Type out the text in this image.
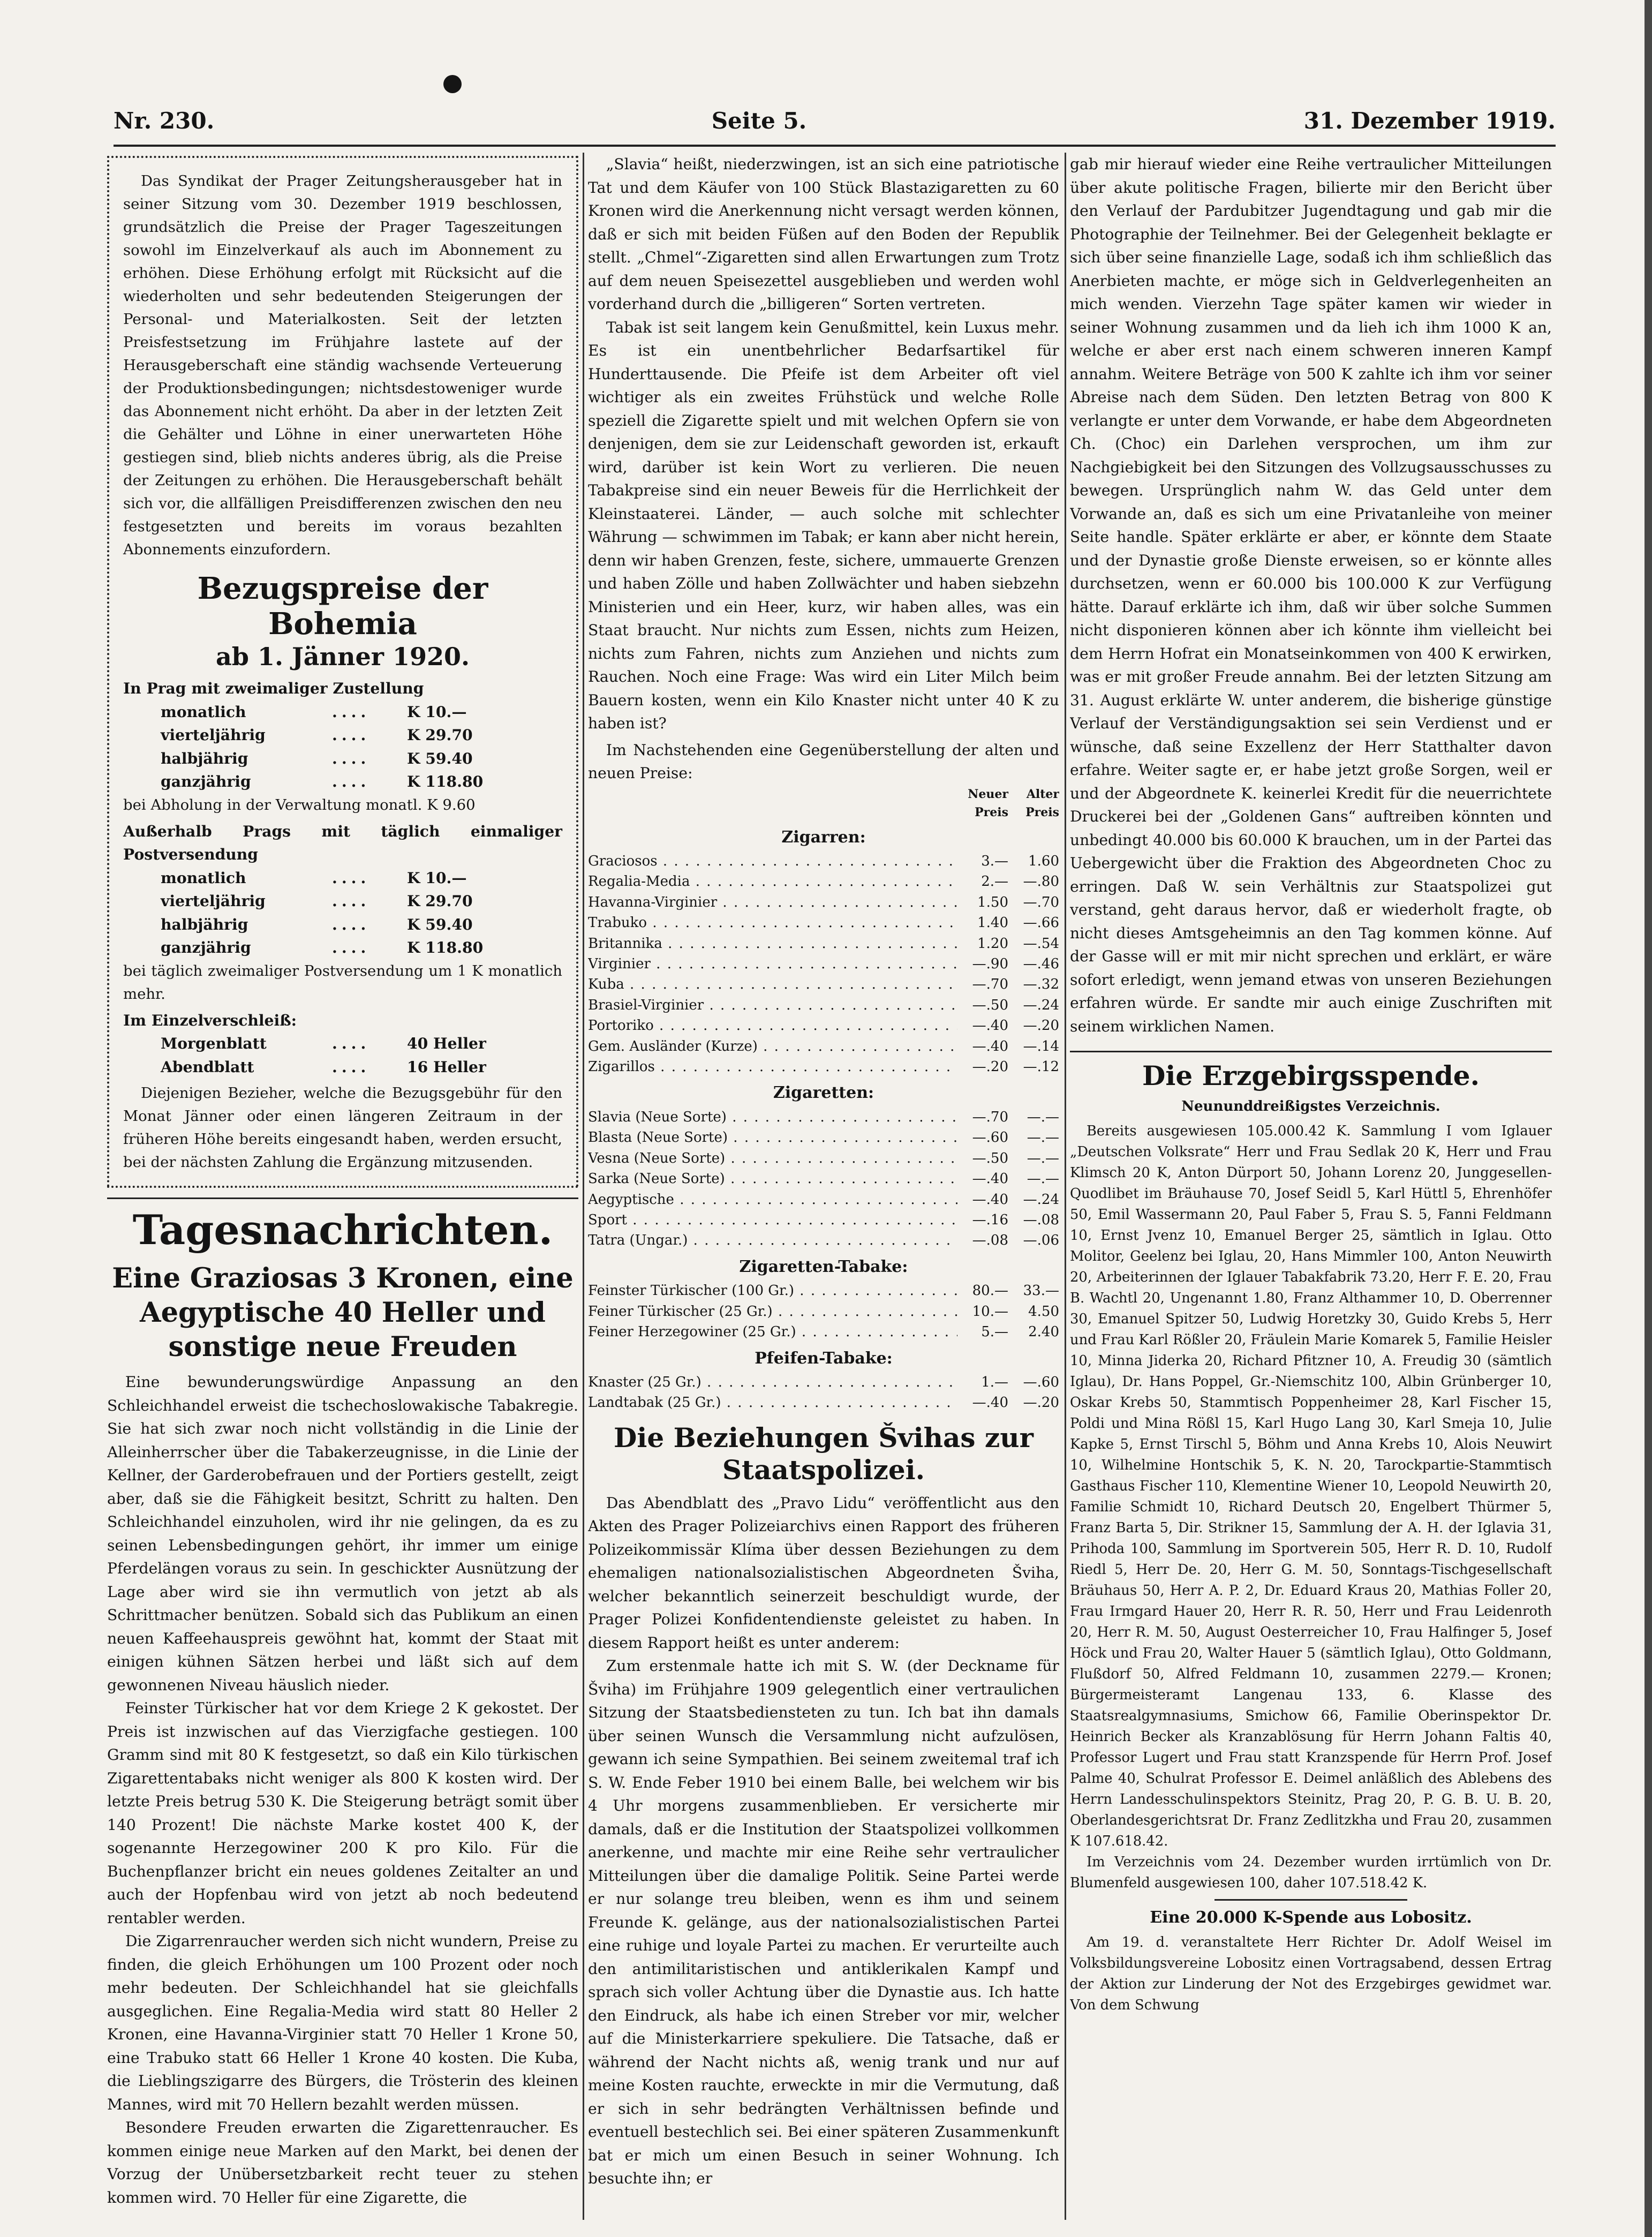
Nr. 230.	Seite 5.	31. Dezember 1919.

Das Syndikat der Prager Zeitungsherausgeber hat in seiner Sitzung vom 30. Dezember 1919 beschlossen, grundsätzlich die Preise der Prager Tageszeitungen sowohl im Einzelverkauf als auch im Abonnement zu erhöhen. Diese Erhöhung erfolgt mit Rücksicht auf die wiederholten und sehr bedeutenden Steigerungen der Personal- und Materialkosten. Seit der letzten Preisfestsetzung im Frühjahre lastete auf der Herausgeberschaft eine ständig wachsende Verteuerung der Produktionsbedingungen; nichtsdestoweniger wurde das Abonnement nicht erhöht. Da aber in der letzten Zeit die Gehälter und Löhne in einer unerwarteten Höhe gestiegen sind, blieb nichts anderes übrig, als die Preise der Zeitungen zu erhöhen. Die Herausgeberschaft behält sich vor, die allfälligen Preisdifferenzen zwischen den neu festgesetzten und bereits im voraus bezahlten Abonnements einzufordern.

Bezugspreise der Bohemia
ab 1. Jänner 1920.
In Prag mit zweimaliger Zustellung
monatlich	....	K 10.—
vierteljährig	....	K 29.70
halbjährig	....	K 59.40
ganzjährig	....	K 118.80

bei Abholung in der Verwaltung monatl. K 9.60

Außerhalb Prags mit täglich einmaliger Postversendung
monatlich	....	K 10.—
vierteljährig	....	K 29.70
halbjährig	....	K 59.40
ganzjährig	....	K 118.80

bei täglich zweimaliger Postversendung um 1 K monatlich mehr.

Im Einzelverschleiß:
Morgenblatt	....	40 Heller
Abendblatt	....	16 Heller

Diejenigen Bezieher, welche die Bezugsgebühr für den Monat Jänner oder einen längeren Zeitraum in der früheren Höhe bereits eingesandt haben, werden ersucht, bei der nächsten Zahlung die Ergänzung mitzusenden.

Tagesnachrichten.
Eine Graziosas 3 Kronen, eine Aegyptische 40 Heller und sonstige neue Freuden

Eine bewunderungswürdige Anpassung an den Schleichhandel erweist die tschechoslowakische Tabakregie. Sie hat sich zwar noch nicht vollständig in die Linie der Alleinherrscher über die Tabakerzeugnisse, in die Linie der Kellner, der Garderobefrauen und der Portiers gestellt, zeigt aber, daß sie die Fähigkeit besitzt, Schritt zu halten. Den Schleichhandel einzuholen, wird ihr nie gelingen, da es zu seinen Lebensbedingungen gehört, ihr immer um einige Pferdelängen voraus zu sein. In geschickter Ausnützung der Lage aber wird sie ihn vermutlich von jetzt ab als Schrittmacher benützen. Sobald sich das Publikum an einen neuen Kaffeehauspreis gewöhnt hat, kommt der Staat mit einigen kühnen Sätzen herbei und läßt sich auf dem gewonnenen Niveau häuslich nieder.

Feinster Türkischer hat vor dem Kriege 2 K gekostet. Der Preis ist inzwischen auf das Vierzigfache gestiegen. 100 Gramm sind mit 80 K festgesetzt, so daß ein Kilo türkischen Zigarettentabaks nicht weniger als 800 K kosten wird. Der letzte Preis betrug 530 K. Die Steigerung beträgt somit über 140 Prozent! Die nächste Marke kostet 400 K, der sogenannte Herzegowiner 200 K pro Kilo. Für die Buchenpflanzer bricht ein neues goldenes Zeitalter an und auch der Hopfenbau wird von jetzt ab noch bedeutend rentabler werden.

Die Zigarrenraucher werden sich nicht wundern, Preise zu finden, die gleich Erhöhungen um 100 Prozent oder noch mehr bedeuten. Der Schleichhandel hat sie gleichfalls ausgeglichen. Eine Regalia-Media wird statt 80 Heller 2 Kronen, eine Havanna-Virginier statt 70 Heller 1 Krone 50, eine Trabuko statt 66 Heller 1 Krone 40 kosten. Die Kuba, die Lieblingszigarre des Bürgers, die Trösterin des kleinen Mannes, wird mit 70 Hellern bezahlt werden müssen.

Besondere Freuden erwarten die Zigarettenraucher. Es kommen einige neue Marken auf den Markt, bei denen der Vorzug der Unübersetzbarkeit recht teuer zu stehen kommen wird. 70 Heller für eine Zigarette, die

„Slavia“ heißt, niederzwingen, ist an sich eine patriotische Tat und dem Käufer von 100 Stück Blastazigaretten zu 60 Kronen wird die Anerkennung nicht versagt werden können, daß er sich mit beiden Füßen auf den Boden der Republik stellt. „Chmel“-Zigaretten sind allen Erwartungen zum Trotz auf dem neuen Speisezettel ausgeblieben und werden wohl vorderhand durch die „billigeren“ Sorten vertreten.

Tabak ist seit langem kein Genußmittel, kein Luxus mehr. Es ist ein unentbehrlicher Bedarfsartikel für Hunderttausende. Die Pfeife ist dem Arbeiter oft viel wichtiger als ein zweites Frühstück und welche Rolle speziell die Zigarette spielt und mit welchen Opfern sie von denjenigen, dem sie zur Leidenschaft geworden ist, erkauft wird, darüber ist kein Wort zu verlieren. Die neuen Tabakpreise sind ein neuer Beweis für die Herrlichkeit der Kleinstaaterei. Länder, — auch solche mit schlechter Währung — schwimmen im Tabak; er kann aber nicht herein, denn wir haben Grenzen, feste, sichere, ummauerte Grenzen und haben Zölle und haben Zollwächter und haben siebzehn Ministerien und ein Heer, kurz, wir haben alles, was ein Staat braucht. Nur nichts zum Essen, nichts zum Heizen, nichts zum Fahren, nichts zum Anziehen und nichts zum Rauchen. Noch eine Frage: Was wird ein Liter Milch beim Bauern kosten, wenn ein Kilo Knaster nicht unter 40 K zu haben ist?

Im Nachstehenden eine Gegenüberstellung der alten und neuen Preise:

Neuer Preis
Alter Preis
Zigarren:
Graciosos . . .	3.—	1.60
Regalia-Media . . .	2.—	—.80
Havanna-Virginier . . .	1.50	—.70
Trabuko . . .	1.40	—.66
Britannika . . .	1.20	—.54
Virginier . . .	—.90	—.46
Kuba . . .	—.70	—.32
Brasiel-Virginier . . .	—.50	—.24
Portoriko . . .	—.40	—.20
Gem. Ausländer (Kurze) . . .	—.40	—.14
Zigarillos . . .	—.20	—.12
Zigaretten:
Slavia (Neue Sorte) . . .	—.70	—.—
Blasta (Neue Sorte) . . .	—.60	—.—
Vesna (Neue Sorte) . . .	—.50	—.—
Sarka (Neue Sorte) . . .	—.40	—.—
Aegyptische . . .	—.40	—.24
Sport . . .	—.16	—.08
Tatra (Ungar.) . . .	—.08	—.06
Zigaretten-Tabake:
Feinster Türkischer (100 Gr.) . . .	80.—	33.—
Feiner Türkischer (25 Gr.) . . .	10.—	4.50
Feiner Herzegowiner (25 Gr.) . . .	5.—	2.40
Pfeifen-Tabake:
Knaster (25 Gr.) . . .	1.—	—.60
Landtabak (25 Gr.) . . .	—.40	—.20
Die Beziehungen Švihas zur Staatspolizei.

Das Abendblatt des „Pravo Lidu“ veröffentlicht aus den Akten des Prager Polizeiarchivs einen Rapport des früheren Polizeikommissär Klíma über dessen Beziehungen zu dem ehemaligen nationalsozialistischen Abgeordneten Šviha, welcher bekanntlich seinerzeit beschuldigt wurde, der Prager Polizei Konfidentendienste geleistet zu haben. In diesem Rapport heißt es unter anderem:

Zum erstenmale hatte ich mit S. W. (der Deckname für Šviha) im Frühjahre 1909 gelegentlich einer vertraulichen Sitzung der Staatsbediensteten zu tun. Ich bat ihn damals über seinen Wunsch die Versammlung nicht aufzulösen, gewann ich seine Sympathien. Bei seinem zweitemal traf ich S. W. Ende Feber 1910 bei einem Balle, bei welchem wir bis 4 Uhr morgens zusammenblieben. Er versicherte mir damals, daß er die Institution der Staatspolizei vollkommen anerkenne, und machte mir eine Reihe sehr vertraulicher Mitteilungen über die damalige Politik. Seine Partei werde er nur solange treu bleiben, wenn es ihm und seinem Freunde K. gelänge, aus der nationalsozialistischen Partei eine ruhige und loyale Partei zu machen. Er verurteilte auch den antimilitaristischen und antiklerikalen Kampf und sprach sich voller Achtung über die Dynastie aus. Ich hatte den Eindruck, als habe ich einen Streber vor mir, welcher auf die Ministerkarriere spekuliere. Die Tatsache, daß er während der Nacht nichts aß, wenig trank und nur auf meine Kosten rauchte, erweckte in mir die Vermutung, daß er sich in sehr bedrängten Verhältnissen befinde und eventuell bestechlich sei. Bei einer späteren Zusammenkunft bat er mich um einen Besuch in seiner Wohnung. Ich besuchte ihn; er

gab mir hierauf wieder eine Reihe vertraulicher Mitteilungen über akute politische Fragen, bilierte mir den Bericht über den Verlauf der Pardubitzer Jugendtagung und gab mir die Photographie der Teilnehmer. Bei der Gelegenheit beklagte er sich über seine finanzielle Lage, sodaß ich ihm schließlich das Anerbieten machte, er möge sich in Geldverlegenheiten an mich wenden. Vierzehn Tage später kamen wir wieder in seiner Wohnung zusammen und da lieh ich ihm 1000 K an, welche er aber erst nach einem schweren inneren Kampf annahm. Weitere Beträge von 500 K zahlte ich ihm vor seiner Abreise nach dem Süden. Den letzten Betrag von 800 K verlangte er unter dem Vorwande, er habe dem Abgeordneten Ch. (Choc) ein Darlehen versprochen, um ihm zur Nachgiebigkeit bei den Sitzungen des Vollzugsausschusses zu bewegen. Ursprünglich nahm W. das Geld unter dem Vorwande an, daß es sich um eine Privatanleihe von meiner Seite handle. Später erklärte er aber, er könnte dem Staate und der Dynastie große Dienste erweisen, so er könnte alles durchsetzen, wenn er 60.000 bis 100.000 K zur Verfügung hätte. Darauf erklärte ich ihm, daß wir über solche Summen nicht disponieren können aber ich könnte ihm vielleicht bei dem Herrn Hofrat ein Monatseinkommen von 400 K erwirken, was er mit großer Freude annahm. Bei der letzten Sitzung am 31. August erklärte W. unter anderem, die bisherige günstige Verlauf der Verständigungsaktion sei sein Verdienst und er wünsche, daß seine Exzellenz der Herr Statthalter davon erfahre. Weiter sagte er, er habe jetzt große Sorgen, weil er und der Abgeordnete K. keinerlei Kredit für die neuerrichtete Druckerei bei der „Goldenen Gans“ auftreiben könnten und unbedingt 40.000 bis 60.000 K brauchen, um in der Partei das Uebergewicht über die Fraktion des Abgeordneten Choc zu erringen. Daß W. sein Verhältnis zur Staatspolizei gut verstand, geht daraus hervor, daß er wiederholt fragte, ob nicht dieses Amtsgeheimnis an den Tag kommen könne. Auf der Gasse will er mit mir nicht sprechen und erklärt, er wäre sofort erledigt, wenn jemand etwas von unseren Beziehungen erfahren würde. Er sandte mir auch einige Zuschriften mit seinem wirklichen Namen.

Die Erzgebirgsspende.
Neununddreißigstes Verzeichnis.

Bereits ausgewiesen 105.000.42 K. Sammlung I vom Iglauer „Deutschen Volksrate“ Herr und Frau Sedlak 20 K, Herr und Frau Klimsch 20 K, Anton Dürport 50, Johann Lorenz 20, Junggesellen-Quodlibet im Bräuhause 70, Josef Seidl 5, Karl Hüttl 5, Ehrenhöfer 50, Emil Wassermann 20, Paul Faber 5, Frau S. 5, Fanni Feldmann 10, Ernst Jvenz 10, Emanuel Berger 25, sämtlich in Iglau. Otto Molitor, Geelenz bei Iglau, 20, Hans Mimmler 100, Anton Neuwirth 20, Arbeiterinnen der Iglauer Tabakfabrik 73.20, Herr F. E. 20, Frau B. Wachtl 20, Ungenannt 1.80, Franz Althammer 10, D. Oberrenner 30, Emanuel Spitzer 50, Ludwig Horetzky 30, Guido Krebs 5, Herr und Frau Karl Rößler 20, Fräulein Marie Komarek 5, Familie Heisler 10, Minna Jiderka 20, Richard Pfitzner 10, A. Freudig 30 (sämtlich Iglau), Dr. Hans Poppel, Gr.-Niemschitz 100, Albin Grünberger 10, Oskar Krebs 50, Stammtisch Poppenheimer 28, Karl Fischer 15, Poldi und Mina Rößl 15, Karl Hugo Lang 30, Karl Smeja 10, Julie Kapke 5, Ernst Tirschl 5, Böhm und Anna Krebs 10, Alois Neuwirt 10, Wilhelmine Hontschik 5, K. N. 20, Tarockpartie-Stammtisch Gasthaus Fischer 110, Klementine Wiener 10, Leopold Neuwirth 20, Familie Schmidt 10, Richard Deutsch 20, Engelbert Thürmer 5, Franz Barta 5, Dir. Strikner 15, Sammlung der A. H. der Iglavia 31, Prihoda 100, Sammlung im Sportverein 505, Herr R. D. 10, Rudolf Riedl 5, Herr De. 20, Herr G. M. 50, Sonntags-Tischgesellschaft Bräuhaus 50, Herr A. P. 2, Dr. Eduard Kraus 20, Mathias Foller 20, Frau Irmgard Hauer 20, Herr R. R. 50, Herr und Frau Leidenroth 20, Herr R. M. 50, August Oesterreicher 10, Frau Halfinger 5, Josef Höck und Frau 20, Walter Hauer 5 (sämtlich Iglau), Otto Goldmann, Flußdorf 50, Alfred Feldmann 10, zusammen 2279.— Kronen; Bürgermeisteramt Langenau 133, 6. Klasse des Staatsrealgymnasiums, Smichow 66, Familie Oberinspektor Dr. Heinrich Becker als Kranzablösung für Herrn Johann Faltis 40, Professor Lugert und Frau statt Kranzspende für Herrn Prof. Josef Palme 40, Schulrat Professor E. Deimel anläßlich des Ablebens des Herrn Landesschulinspektors Steinitz, Prag 20, P. G. B. U. B. 20, Oberlandesgerichtsrat Dr. Franz Zedlitzkha und Frau 20, zusammen K 107.618.42.

Im Verzeichnis vom 24. Dezember wurden irrtümlich von Dr. Blumenfeld ausgewiesen 100, daher 107.518.42 K.

Eine 20.000 K-Spende aus Lobositz.

Am 19. d. veranstaltete Herr Richter Dr. Adolf Weisel im Volksbildungsvereine Lobositz einen Vortragsabend, dessen Ertrag der Aktion zur Linderung der Not des Erzgebirges gewidmet war. Von dem Schwung
